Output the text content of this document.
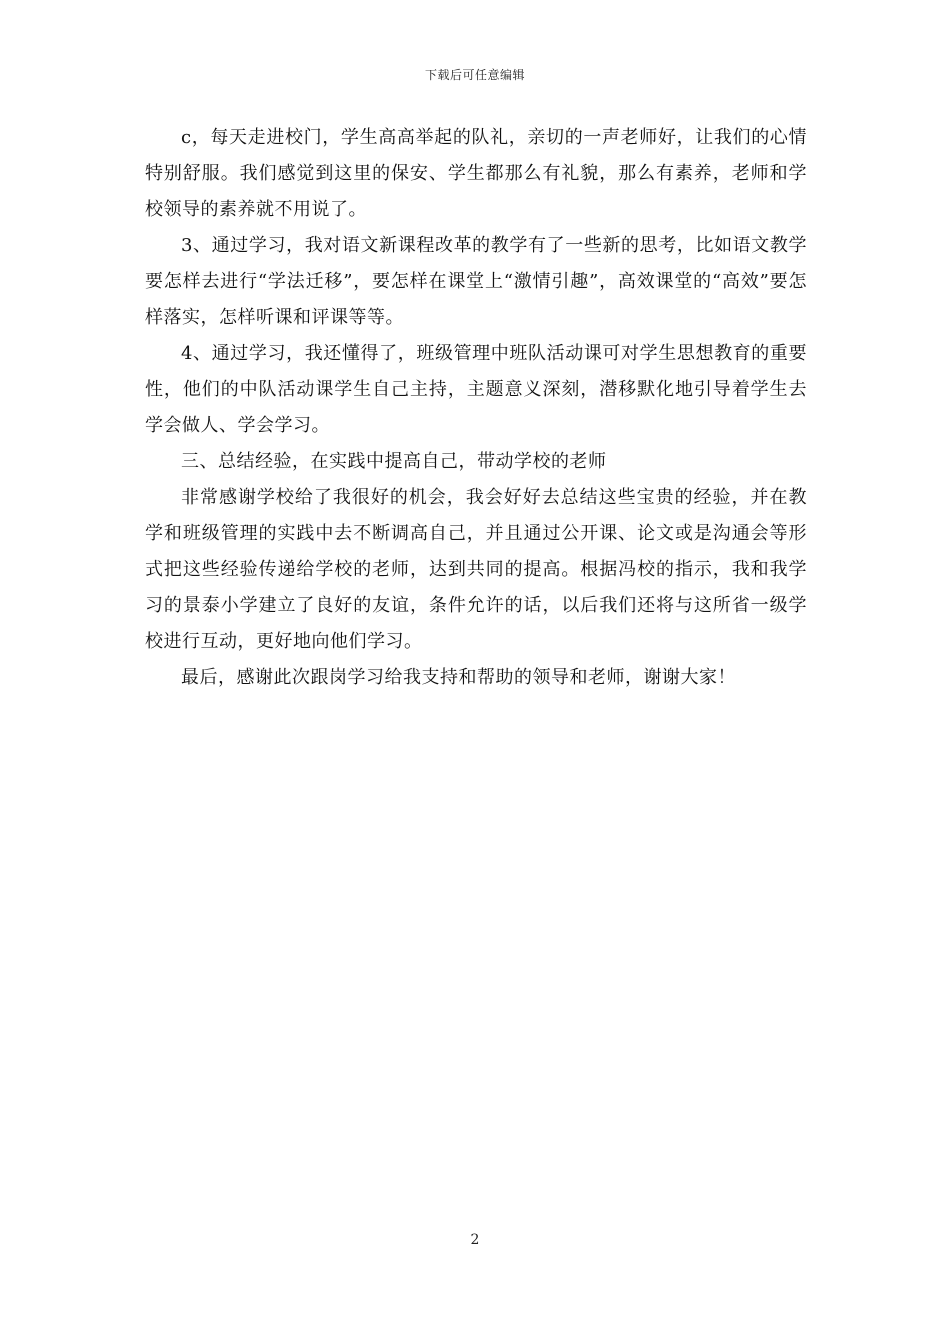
下载后可任意编辑

c，每天走进校门，学生高高举起的队礼，亲切的一声老师好，让我们的心情特别舒服。我们感觉到这里的保安、学生都那么有礼貌，那么有素养，老师和学校领导的素养就不用说了。

3、通过学习，我对语文新课程改革的教学有了一些新的思考，比如语文教学要怎样去进行“学法迁移”，要怎样在课堂上“激情引趣”，高效课堂的“高效”要怎样落实，怎样听课和评课等等。

4、通过学习，我还懂得了，班级管理中班队活动课可对学生思想教育的重要性，他们的中队活动课学生自己主持，主题意义深刻，潜移默化地引导着学生去学会做人、学会学习。

三、总结经验，在实践中提高自己，带动学校的老师

非常感谢学校给了我很好的机会，我会好好去总结这些宝贵的经验，并在教学和班级管理的实践中去不断调高自己，并且通过公开课、论文或是沟通会等形式把这些经验传递给学校的老师，达到共同的提高。根据冯校的指示，我和我学习的景泰小学建立了良好的友谊，条件允许的话，以后我们还将与这所省一级学校进行互动，更好地向他们学习。

最后，感谢此次跟岗学习给我支持和帮助的领导和老师，谢谢大家！

2
